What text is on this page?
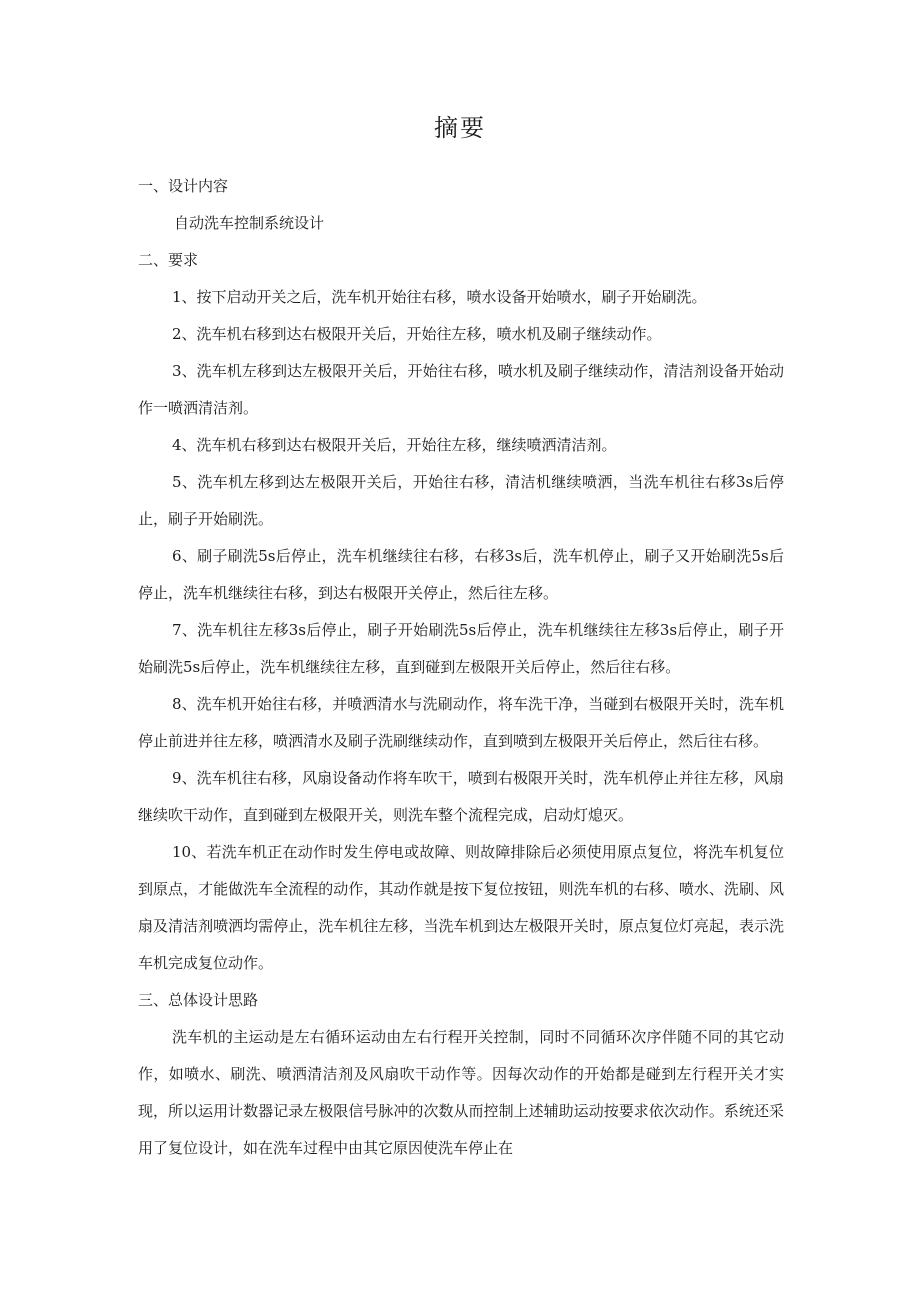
摘要
一、设计内容
自动洗车控制系统设计
二、要求

1、按下启动开关之后，洗车机开始往右移，喷水设备开始喷水，刷子开始刷洗。

2、洗车机右移到达右极限开关后，开始往左移，喷水机及刷子继续动作。

3、洗车机左移到达左极限开关后，开始往右移，喷水机及刷子继续动作，清洁剂设备开始动作一喷洒清洁剂。

4、洗车机右移到达右极限开关后，开始往左移，继续喷洒清洁剂。

5、洗车机左移到达左极限开关后，开始往右移，清洁机继续喷洒，当洗车机往右移3s后停止，刷子开始刷洗。

6、刷子刷洗5s后停止，洗车机继续往右移，右移3s后，洗车机停止，刷子又开始刷洗5s后停止，洗车机继续往右移，到达右极限开关停止，然后往左移。

7、洗车机往左移3s后停止，刷子开始刷洗5s后停止，洗车机继续往左移3s后停止，刷子开始刷洗5s后停止，洗车机继续往左移，直到碰到左极限开关后停止，然后往右移。

8、洗车机开始往右移，并喷洒清水与洗刷动作，将车洗干净，当碰到右极限开关时，洗车机停止前进并往左移，喷洒清水及刷子洗刷继续动作，直到喷到左极限开关后停止，然后往右移。

9、洗车机往右移，风扇设备动作将车吹干，喷到右极限开关时，洗车机停止并往左移，风扇继续吹干动作，直到碰到左极限开关，则洗车整个流程完成，启动灯熄灭。

10、若洗车机正在动作时发生停电或故障、则故障排除后必须使用原点复位，将洗车机复位到原点，才能做洗车全流程的动作，其动作就是按下复位按钮，则洗车机的右移、喷水、洗刷、风扇及清洁剂喷洒均需停止，洗车机往左移，当洗车机到达左极限开关时，原点复位灯亮起，表示洗车机完成复位动作。

三、总体设计思路

洗车机的主运动是左右循环运动由左右行程开关控制，同时不同循环次序伴随不同的其它动作，如喷水、刷洗、喷洒清洁剂及风扇吹干动作等。因每次动作的开始都是碰到左行程开关才实现，所以运用计数器记录左极限信号脉冲的次数从而控制上述辅助运动按要求依次动作。系统还采用了复位设计，如在洗车过程中由其它原因使洗车停止在
